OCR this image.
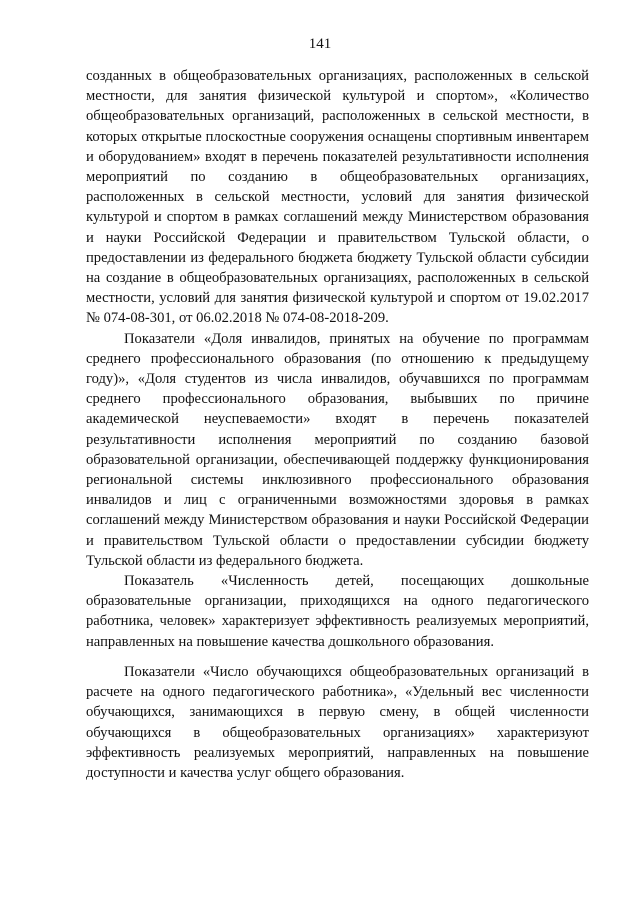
141

созданных в общеобразовательных организациях, расположенных в сельской местности, для занятия физической культурой и спортом», «Количество общеобразовательных организаций, расположенных в сельской местности, в которых открытые плоскостные сооружения оснащены спортивным инвентарем и оборудованием» входят в перечень показателей результативности исполнения мероприятий по созданию в общеобразовательных организациях, расположенных в сельской местности, условий для занятия физической культурой и спортом в рамках соглашений между Министерством образования и науки Российской Федерации и правительством Тульской области, о предоставлении из федерального бюджета бюджету Тульской области субсидии на создание в общеобразовательных организациях, расположенных в сельской местности, условий для занятия физической культурой и спортом от 19.02.2017 № 074-08-301, от 06.02.2018 № 074-08-2018-209.

Показатели «Доля инвалидов, принятых на обучение по программам среднего профессионального образования (по отношению к предыдущему году)», «Доля студентов из числа инвалидов, обучавшихся по программам среднего профессионального образования, выбывших по причине академической неуспеваемости» входят в перечень показателей результативности исполнения мероприятий по созданию базовой образовательной организации, обеспечивающей поддержку функционирования региональной системы инклюзивного профессионального образования инвалидов и лиц с ограниченными возможностями здоровья в рамках соглашений между Министерством образования и науки Российской Федерации и правительством Тульской области о предоставлении субсидии бюджету Тульской области из федерального бюджета.

Показатель «Численность детей, посещающих дошкольные образовательные организации, приходящихся на одного педагогического работника, человек» характеризует эффективность реализуемых мероприятий, направленных на повышение качества дошкольного образования.

Показатели «Число обучающихся общеобразовательных организаций в расчете на одного педагогического работника», «Удельный вес численности обучающихся, занимающихся в первую смену, в общей численности обучающихся в общеобразовательных организациях» характеризуют эффективность реализуемых мероприятий, направленных на повышение доступности и качества услуг общего образования.
